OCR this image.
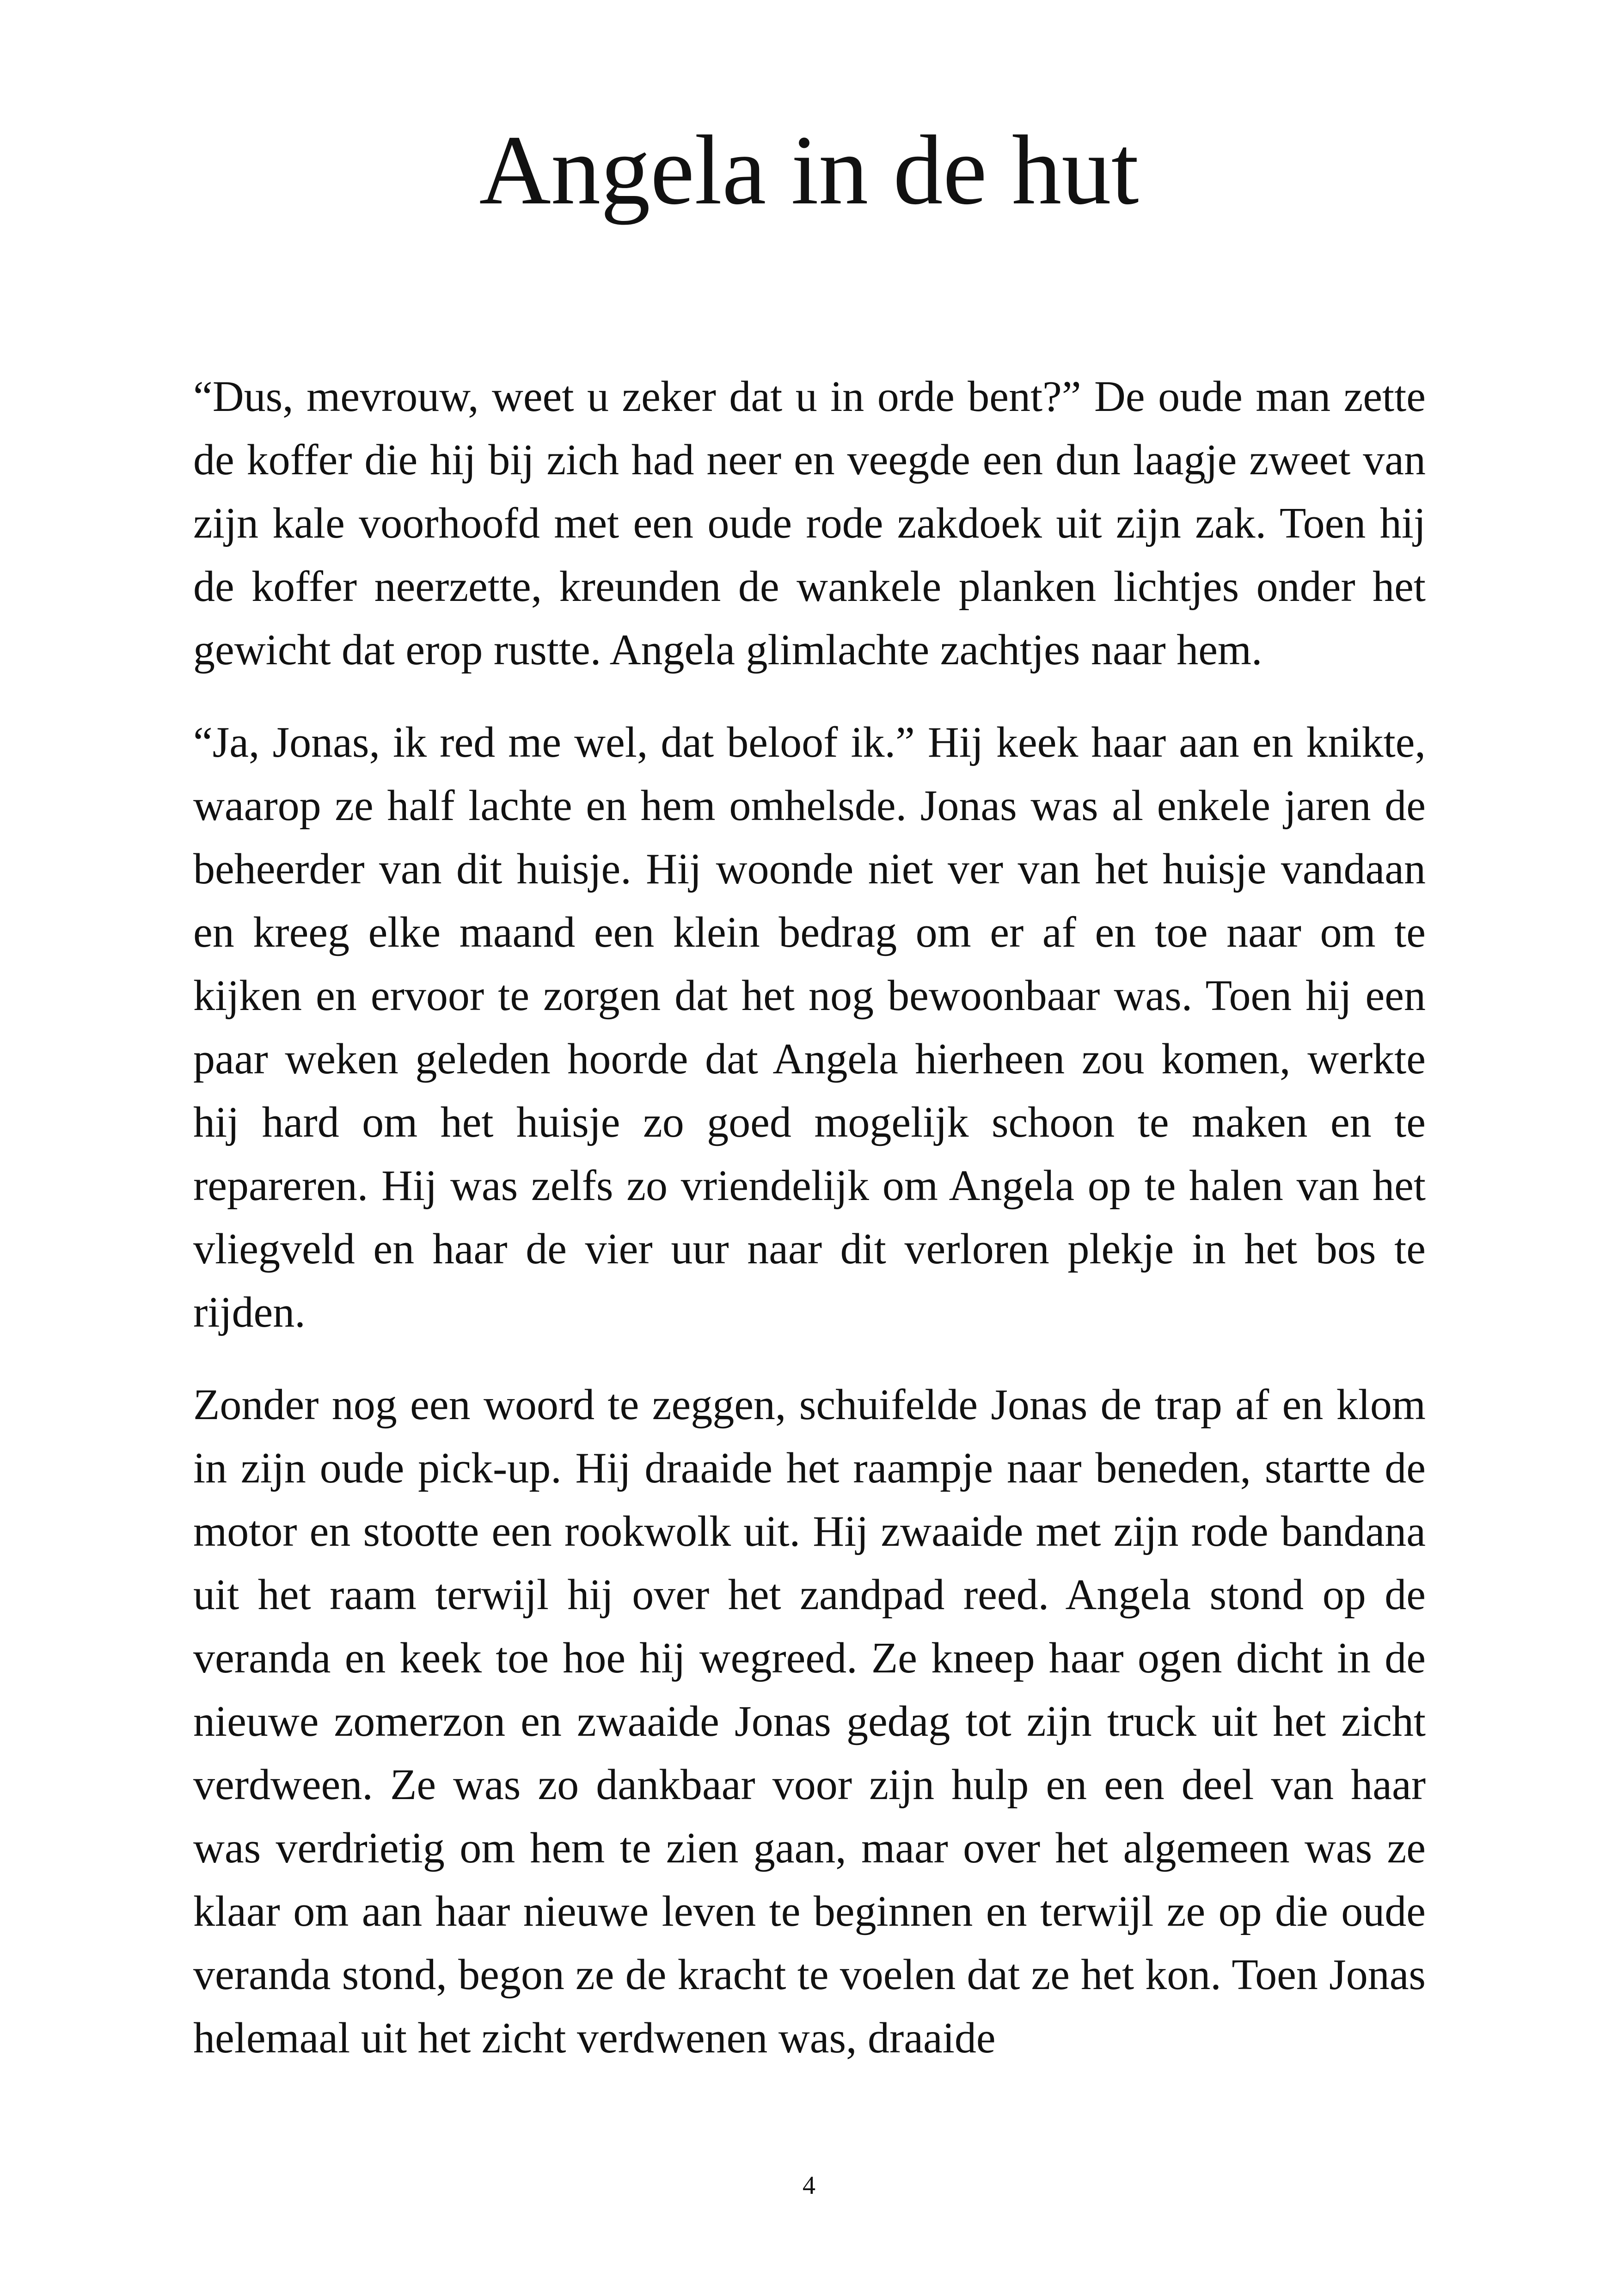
Angela in de hut

“Dus, mevrouw, weet u zeker dat u in orde bent?” De oude man zette de koffer die hij bij zich had neer en veegde een dun laagje zweet van zijn kale voorhoofd met een oude rode zakdoek uit zijn zak. Toen hij de koffer neerzette, kreunden de wankele planken lichtjes onder het gewicht dat erop rustte. Angela glimlachte zachtjes naar hem.

“Ja, Jonas, ik red me wel, dat beloof ik.” Hij keek haar aan en knikte, waarop ze half lachte en hem omhelsde. Jonas was al enkele jaren de beheerder van dit huisje. Hij woonde niet ver van het huisje vandaan en kreeg elke maand een klein bedrag om er af en toe naar om te kijken en ervoor te zorgen dat het nog bewoonbaar was. Toen hij een paar weken geleden hoorde dat Angela hierheen zou komen, werkte hij hard om het huisje zo goed mogelijk schoon te maken en te repareren. Hij was zelfs zo vriendelijk om Angela op te halen van het vliegveld en haar de vier uur naar dit verloren plekje in het bos te rijden.

Zonder nog een woord te zeggen, schuifelde Jonas de trap af en klom in zijn oude pick-up. Hij draaide het raampje naar beneden, startte de motor en stootte een rookwolk uit. Hij zwaaide met zijn rode bandana uit het raam terwijl hij over het zandpad reed. Angela stond op de veranda en keek toe hoe hij wegreed. Ze kneep haar ogen dicht in de nieuwe zomerzon en zwaaide Jonas gedag tot zijn truck uit het zicht verdween. Ze was zo dankbaar voor zijn hulp en een deel van haar was verdrietig om hem te zien gaan, maar over het algemeen was ze klaar om aan haar nieuwe leven te beginnen en terwijl ze op die oude veranda stond, begon ze de kracht te voelen dat ze het kon. Toen Jonas helemaal uit het zicht verdwenen was, draaide

4
